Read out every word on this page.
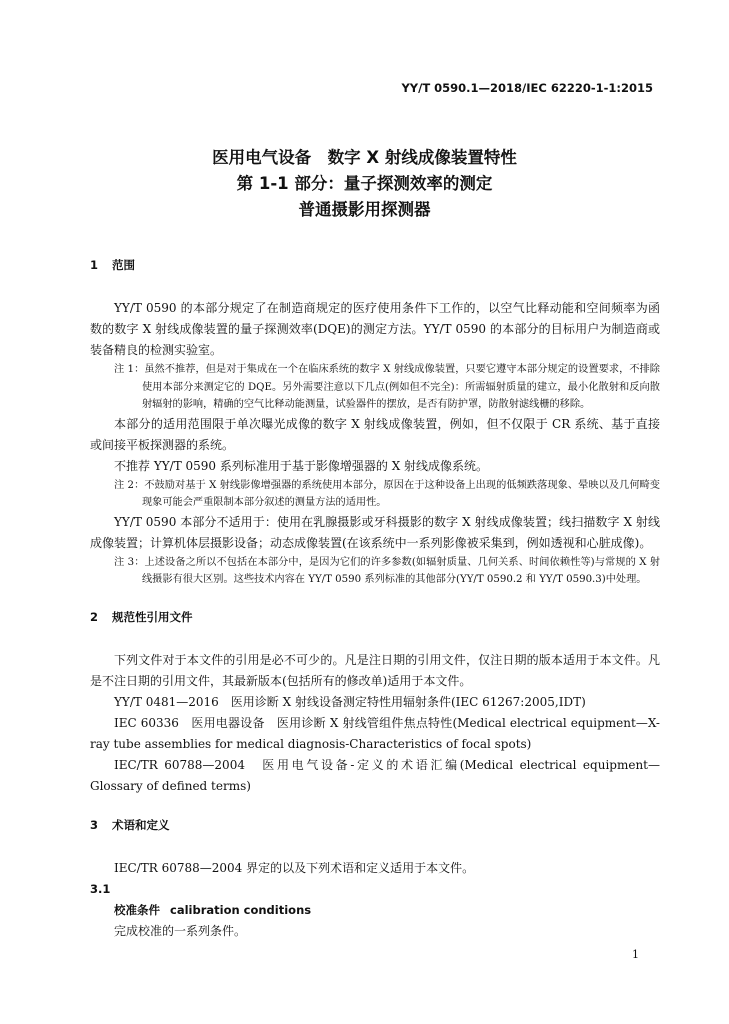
YY/T 0590.1—2018/IEC 62220-1-1:2015
医用电气设备　数字 X 射线成像装置特性
第 1-1 部分：量子探测效率的测定
普通摄影用探测器

1 范围

YY/T 0590 的本部分规定了在制造商规定的医疗使用条件下工作的，以空气比释动能和空间频率为函数的数字 X 射线成像装置的量子探测效率(DQE)的测定方法。YY/T 0590 的本部分的目标用户为制造商或装备精良的检测实验室。

注 1：虽然不推荐，但是对于集成在一个在临床系统的数字 X 射线成像装置，只要它遵守本部分规定的设置要求，不排除使用本部分来测定它的 DQE。另外需要注意以下几点(例如但不完全)：所需辐射质量的建立，最小化散射和反向散射辐射的影响，精确的空气比释动能测量，试验器件的摆放，是否有防护罩，防散射滤线栅的移除。

本部分的适用范围限于单次曝光成像的数字 X 射线成像装置，例如，但不仅限于 CR 系统、基于直接或间接平板探测器的系统。

不推荐 YY/T 0590 系列标准用于基于影像增强器的 X 射线成像系统。

注 2：不鼓励对基于 X 射线影像增强器的系统使用本部分，原因在于这种设备上出现的低频跌落现象、晕映以及几何畸变现象可能会严重限制本部分叙述的测量方法的适用性。

YY/T 0590 本部分不适用于：使用在乳腺摄影或牙科摄影的数字 X 射线成像装置；线扫描数字 X 射线成像装置；计算机体层摄影设备；动态成像装置(在该系统中一系列影像被采集到，例如透视和心脏成像)。

注 3：上述设备之所以不包括在本部分中，是因为它们的许多参数(如辐射质量、几何关系、时间依赖性等)与常规的 X 射线摄影有很大区别。这些技术内容在 YY/T 0590 系列标准的其他部分(YY/T 0590.2 和 YY/T 0590.3)中处理。

2 规范性引用文件

下列文件对于本文件的引用是必不可少的。凡是注日期的引用文件，仅注日期的版本适用于本文件。凡是不注日期的引用文件，其最新版本(包括所有的修改单)适用于本文件。

YY/T 0481—2016　医用诊断 X 射线设备测定特性用辐射条件(IEC 61267:2005,IDT)

IEC 60336　医用电器设备　医用诊断 X 射线管组件焦点特性(Medical electrical equipment—X-ray tube assemblies for medical diagnosis-Characteristics of focal spots)

IEC/TR 60788—2004　医用电气设备-定义的术语汇编(Medical electrical equipment—Glossary of defined terms)

3 术语和定义

IEC/TR 60788—2004 界定的以及下列术语和定义适用于本文件。

3.1

校准条件 calibration conditions

完成校准的一系列条件。

1
